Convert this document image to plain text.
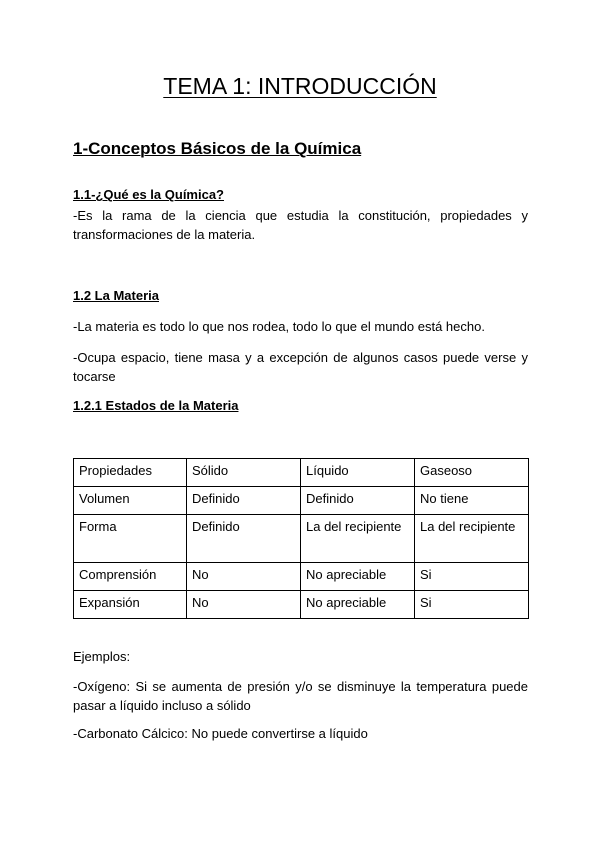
TEMA 1: INTRODUCCIÓN
1-Conceptos Básicos de la Química
1.1-¿Qué es la Química?

-Es la rama de la ciencia que estudia la constitución, propiedades y transformaciones de la materia.

1.2 La Materia

-La materia es todo lo que nos rodea, todo lo que el mundo está hecho.

-Ocupa espacio, tiene masa y a excepción de algunos casos puede verse y tocarse

1.2.1 Estados de la Materia
Propiedades	Sólido	Líquido	Gaseoso
Volumen	Definido	Definido	No tiene
Forma	Definido	La del recipiente	La del recipiente
Comprensión	No	No apreciable	Si
Expansión	No	No apreciable	Si

Ejemplos:

-Oxígeno: Si se aumenta de presión y/o se disminuye la temperatura puede pasar a líquido incluso a sólido

-Carbonato Cálcico: No puede convertirse a líquido
